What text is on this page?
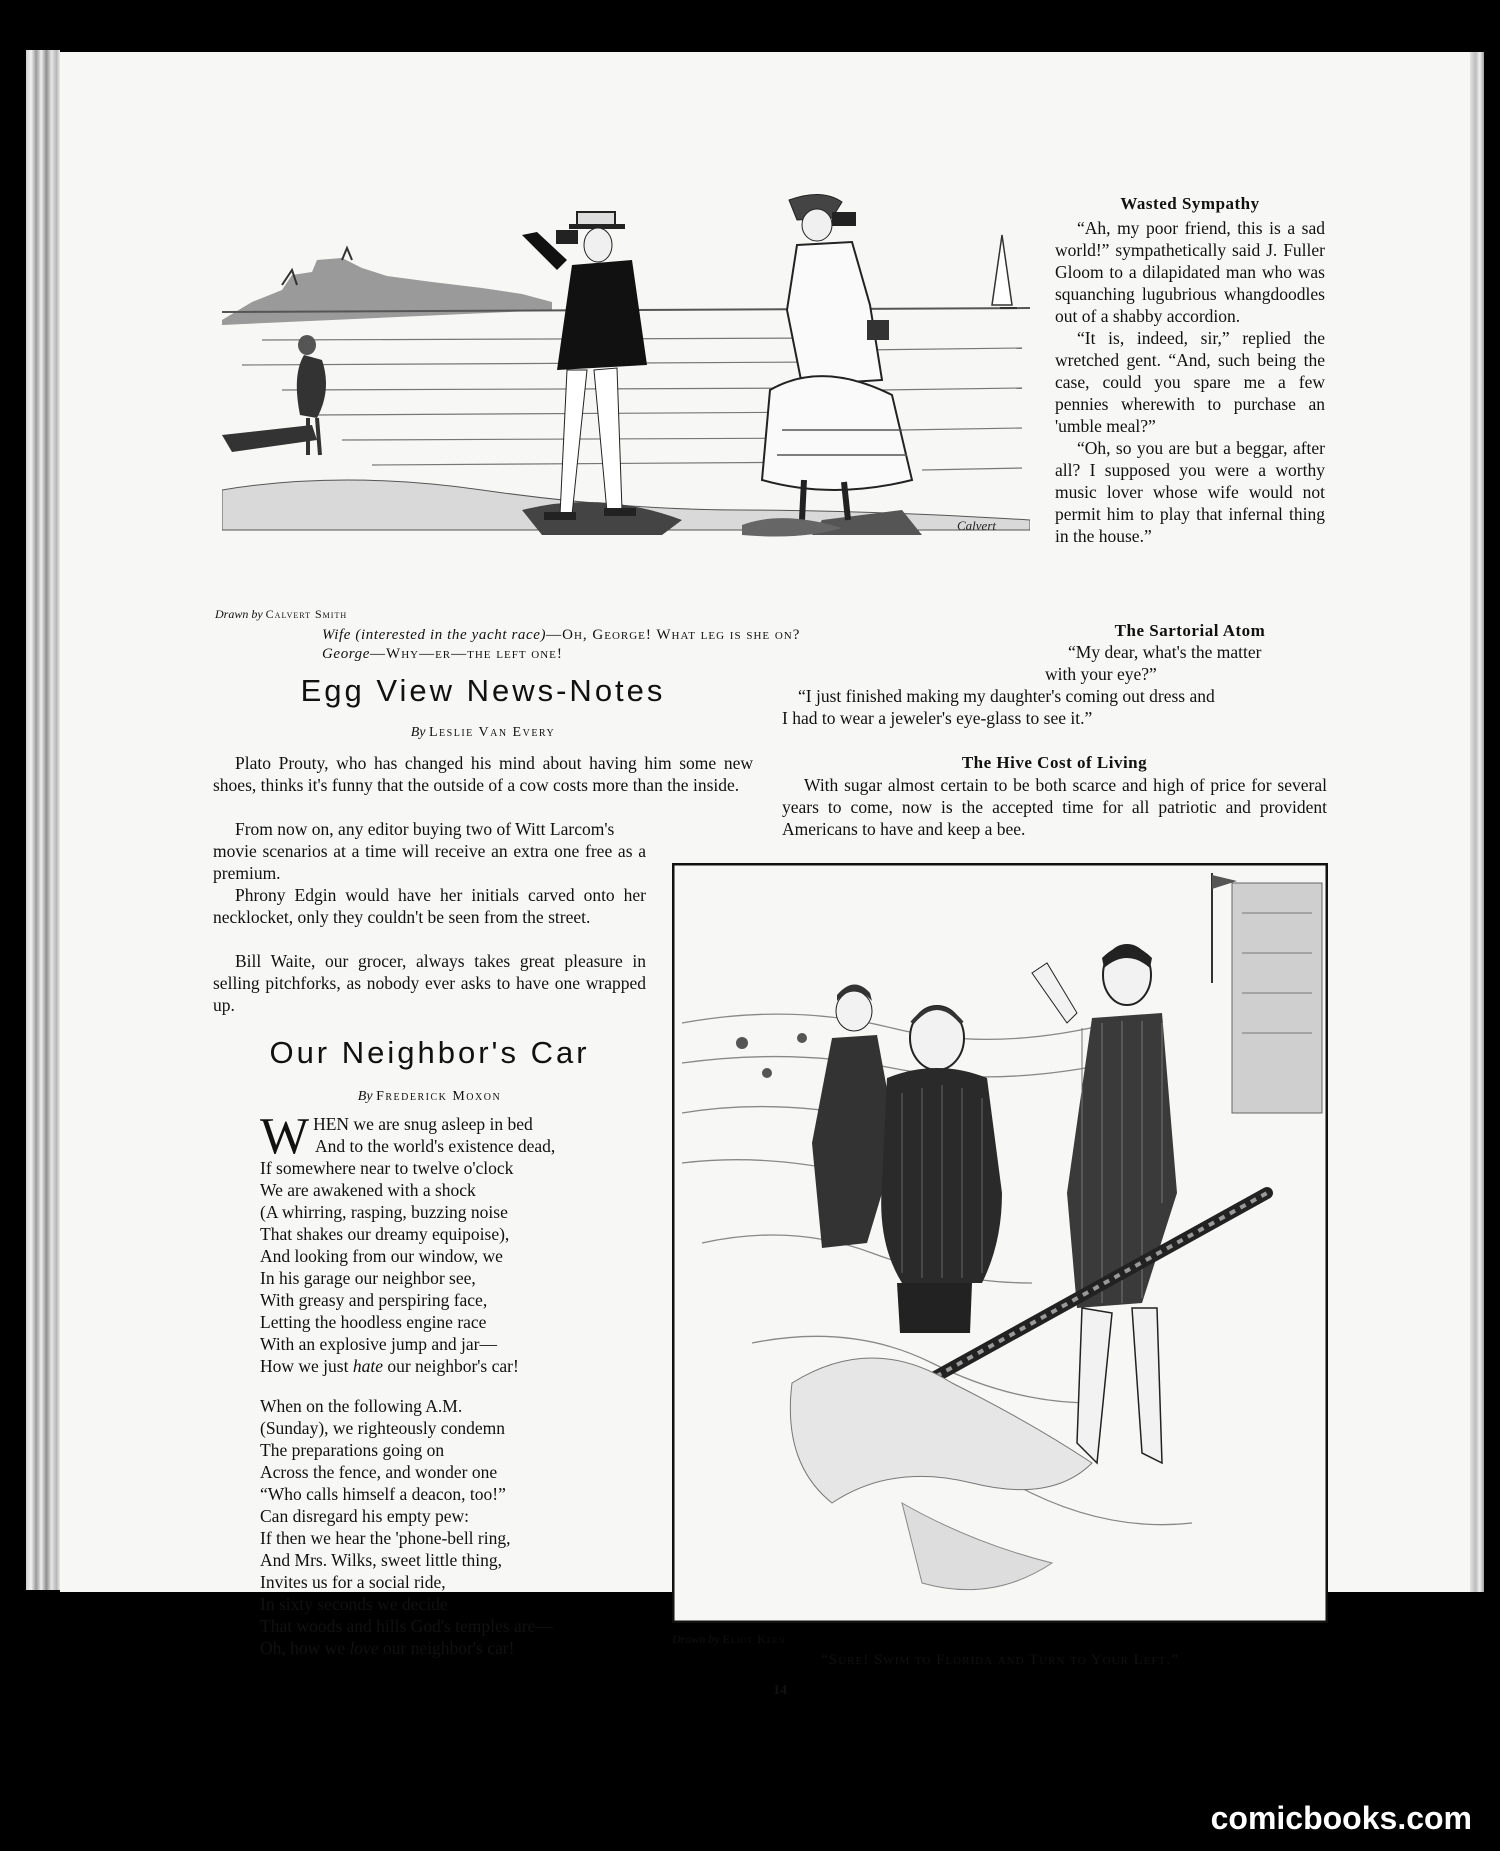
Calvert

Drawn by Calvert Smith

Wife (interested in the yacht race)—Oh, George! What leg is she on?

George—Why—er—the left one!

Wasted Sympathy

“Ah, my poor friend, this is a sad world!” sympathetically said J. Fuller Gloom to a dilapidated man who was squanching lugubrious whangdoodles out of a shabby accordion.

“It is, indeed, sir,” replied the wretched gent. “And, such being the case, could you spare me a few pennies wherewith to purchase an 'umble meal?”

“Oh, so you are but a beggar, after all? I supposed you were a worthy music lover whose wife would not permit him to play that infernal thing in the house.”

The Sartorial Atom

“My dear, what's the matter

with your eye?”

“I just finished making my daughter's coming out dress and

I had to wear a jeweler's eye-glass to see it.”

The Hive Cost of Living

With sugar almost certain to be both scarce and high of price for several years to come, now is the accepted time for all patriotic and provident Americans to have and keep a bee.

Egg View News-Notes

By Leslie Van Every

Plato Prouty, who has changed his mind about having him some new shoes, thinks it's funny that the outside of a cow costs more than the inside.

From now on, any editor buying two of Witt Larcom's

movie scenarios at a time will receive an extra one free as a premium.

Phrony Edgin would have her initials carved onto her necklocket, only they couldn't be seen from the street.

Bill Waite, our grocer, always takes great pleasure in selling pitchforks, as nobody ever asks to have one wrapped up.

Our Neighbor's Car

By Frederick Moxon

WHEN we are snug asleep in bed

And to the world's existence dead,

If somewhere near to twelve o'clock

We are awakened with a shock

(A whirring, rasping, buzzing noise

That shakes our dreamy equipoise),

And looking from our window, we

In his garage our neighbor see,

With greasy and perspiring face,

Letting the hoodless engine race

With an explosive jump and jar—

How we just hate our neighbor's car!

When on the following A.M.

(Sunday), we righteously condemn

The preparations going on

Across the fence, and wonder one

“Who calls himself a deacon, too!”

Can disregard his empty pew:

If then we hear the 'phone-bell ring,

And Mrs. Wilks, sweet little thing,

Invites us for a social ride,

In sixty seconds we decide

That woods and hills God's temples are—

Oh, how we love our neighbor's car!	Drawn by Eliot Keen

“Sure! Swim to Florida and Turn to Your Left.”

14

comicbooks.com
